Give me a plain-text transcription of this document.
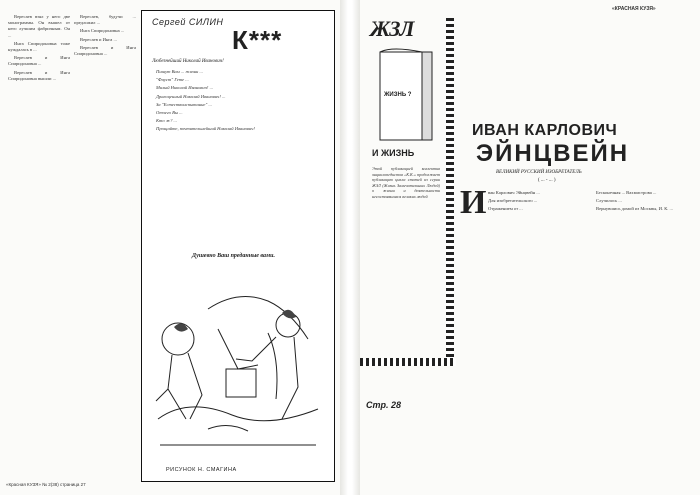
Вересаев взял у него две монограммы. Он вышел от него лучшим фабричным. Он ...

Инга Спиридоновна тоже нуждалась в ...

Вересаев и Инга Спиридоновна ...

Вересаев и Инга Спиридоновна вышли ...

Вересаев, будучи ... предложил ...

Инга Спиридоновна ...

Вересаев и Инга ...

Вересаев и Инга Спиридоновна ...

Сергей СИЛИН
К***
Любезнейший Николай Иванович!

Пишут Вам ... жизни ...

"Фауст" Гете ...

Милый Николай Иванович! ...

Драгоценный Николай Иванович! ...

За "Естествоиспытание" ...

Отчего Вы ...

Кто ж? ...

Прощайте, почтительнейший Николай Иванович!

Душевно Ваш преданные вами.
РИСУНОК Н. СМАГИНА
«Красная КУЗЯ» № 2(38) страница 27
«КРАСНАЯ КУЗЯ»
ЖЗЛ
ЖИЗНЬ ?
И ЖИЗНЬ
Этой публикацией коллектив энциклопедистов «К.К.» продолжает публикацию цикла статей из серии ЖЗЛ (Жизнь Замечательных Людей) о жизни и деятельности несостоявшихся великих людей
ИВАН КАРЛОВИЧ
ЭЙНЦВЕЙН
ВЕЛИКИЙ РУССКИЙ ИЗОБРЕТАТЕЛЬ
( ... - ... )
И ван Карлович Эйнцвейн ...

Для изобретательского ...

Отражением от ...

Бесконечная ... Вахмистрова ...

Случилось ...

Вернувшись домой из Москвы, И. К. ...

Стр. 28
